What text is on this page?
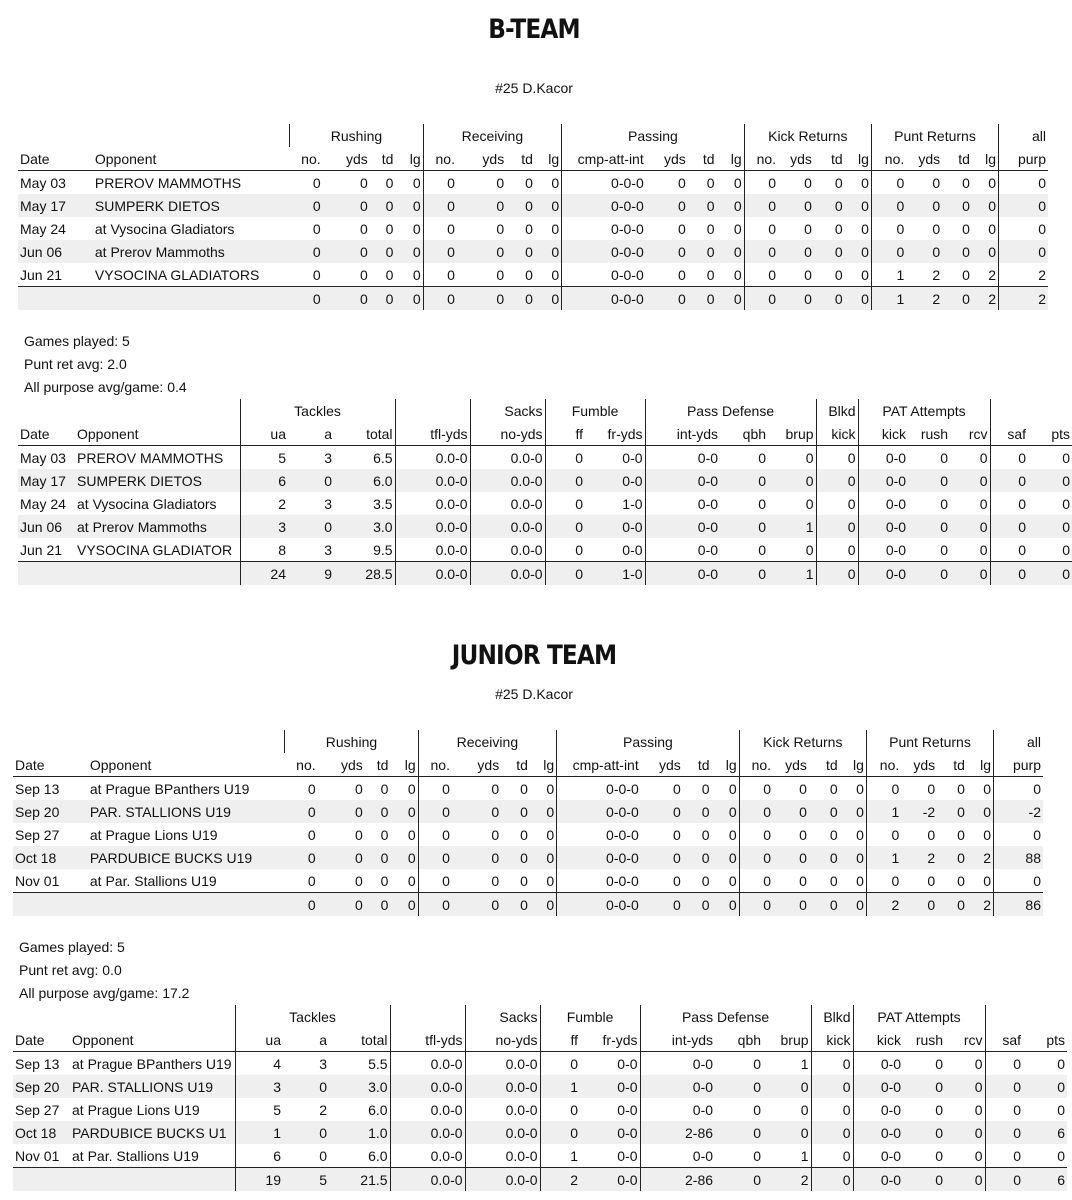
B-TEAM
#25 D.Kacor
		Rushing				Receiving				Passing				Kick Returns				Punt Returns				all
Date	Opponent	no.	yds	td	lg	no.	yds	td	lg	cmp-att-int	yds	td	lg	no.	yds	td	lg	no.	yds	td	lg	purp
May 03	PREROV MAMMOTHS	0	0	0	0	0	0	0	0	0-0-0	0	0	0	0	0	0	0	0	0	0	0	0
May 17	SUMPERK DIETOS	0	0	0	0	0	0	0	0	0-0-0	0	0	0	0	0	0	0	0	0	0	0	0
May 24	at Vysocina Gladiators	0	0	0	0	0	0	0	0	0-0-0	0	0	0	0	0	0	0	0	0	0	0	0
Jun 06	at Prerov Mammoths	0	0	0	0	0	0	0	0	0-0-0	0	0	0	0	0	0	0	0	0	0	0	0
Jun 21	VYSOCINA GLADIATORS	0	0	0	0	0	0	0	0	0-0-0	0	0	0	0	0	0	0	1	2	0	2	2
		0	0	0	0	0	0	0	0	0-0-0	0	0	0	0	0	0	0	1	2	0	2	2
Games played: 5
Punt ret avg: 2.0
All purpose avg/game: 0.4
		Tackles				Sacks	Fumble		Pass Defense			Blkd	PAT Attempts				
Date	Opponent	ua	a	total	tfl-yds	no-yds	ff	fr-yds	int-yds	qbh	brup	kick	kick	rush	rcv	saf	pts
May 03	PREROV MAMMOTHS	5	3	6.5	0.0-0	0.0-0	0	0-0	0-0	0	0	0	0-0	0	0	0	0
May 17	SUMPERK DIETOS	6	0	6.0	0.0-0	0.0-0	0	0-0	0-0	0	0	0	0-0	0	0	0	0
May 24	at Vysocina Gladiators	2	3	3.5	0.0-0	0.0-0	0	1-0	0-0	0	0	0	0-0	0	0	0	0
Jun 06	at Prerov Mammoths	3	0	3.0	0.0-0	0.0-0	0	0-0	0-0	0	1	0	0-0	0	0	0	0
Jun 21	VYSOCINA GLADIATOR	8	3	9.5	0.0-0	0.0-0	0	0-0	0-0	0	0	0	0-0	0	0	0	0
		24	9	28.5	0.0-0	0.0-0	0	1-0	0-0	0	1	0	0-0	0	0	0	0
JUNIOR TEAM
#25 D.Kacor
		Rushing				Receiving				Passing				Kick Returns				Punt Returns				all
Date	Opponent	no.	yds	td	lg	no.	yds	td	lg	cmp-att-int	yds	td	lg	no.	yds	td	lg	no.	yds	td	lg	purp
Sep 13	at Prague BPanthers U19	0	0	0	0	0	0	0	0	0-0-0	0	0	0	0	0	0	0	0	0	0	0	0
Sep 20	PAR. STALLIONS U19	0	0	0	0	0	0	0	0	0-0-0	0	0	0	0	0	0	0	1	-2	0	0	-2
Sep 27	at Prague Lions U19	0	0	0	0	0	0	0	0	0-0-0	0	0	0	0	0	0	0	0	0	0	0	0
Oct 18	PARDUBICE BUCKS U19	0	0	0	0	0	0	0	0	0-0-0	0	0	0	0	0	0	0	1	2	0	2	88
Nov 01	at Par. Stallions U19	0	0	0	0	0	0	0	0	0-0-0	0	0	0	0	0	0	0	0	0	0	0	0
		0	0	0	0	0	0	0	0	0-0-0	0	0	0	0	0	0	0	2	0	0	2	86
Games played: 5
Punt ret avg: 0.0
All purpose avg/game: 17.2
		Tackles				Sacks	Fumble		Pass Defense			Blkd	PAT Attempts				
Date	Opponent	ua	a	total	tfl-yds	no-yds	ff	fr-yds	int-yds	qbh	brup	kick	kick	rush	rcv	saf	pts
Sep 13	at Prague BPanthers U19	4	3	5.5	0.0-0	0.0-0	0	0-0	0-0	0	1	0	0-0	0	0	0	0
Sep 20	PAR. STALLIONS U19	3	0	3.0	0.0-0	0.0-0	1	0-0	0-0	0	0	0	0-0	0	0	0	0
Sep 27	at Prague Lions U19	5	2	6.0	0.0-0	0.0-0	0	0-0	0-0	0	0	0	0-0	0	0	0	0
Oct 18	PARDUBICE BUCKS U1	1	0	1.0	0.0-0	0.0-0	0	0-0	2-86	0	0	0	0-0	0	0	0	6
Nov 01	at Par. Stallions U19	6	0	6.0	0.0-0	0.0-0	1	0-0	0-0	0	1	0	0-0	0	0	0	0
		19	5	21.5	0.0-0	0.0-0	2	0-0	2-86	0	2	0	0-0	0	0	0	6
